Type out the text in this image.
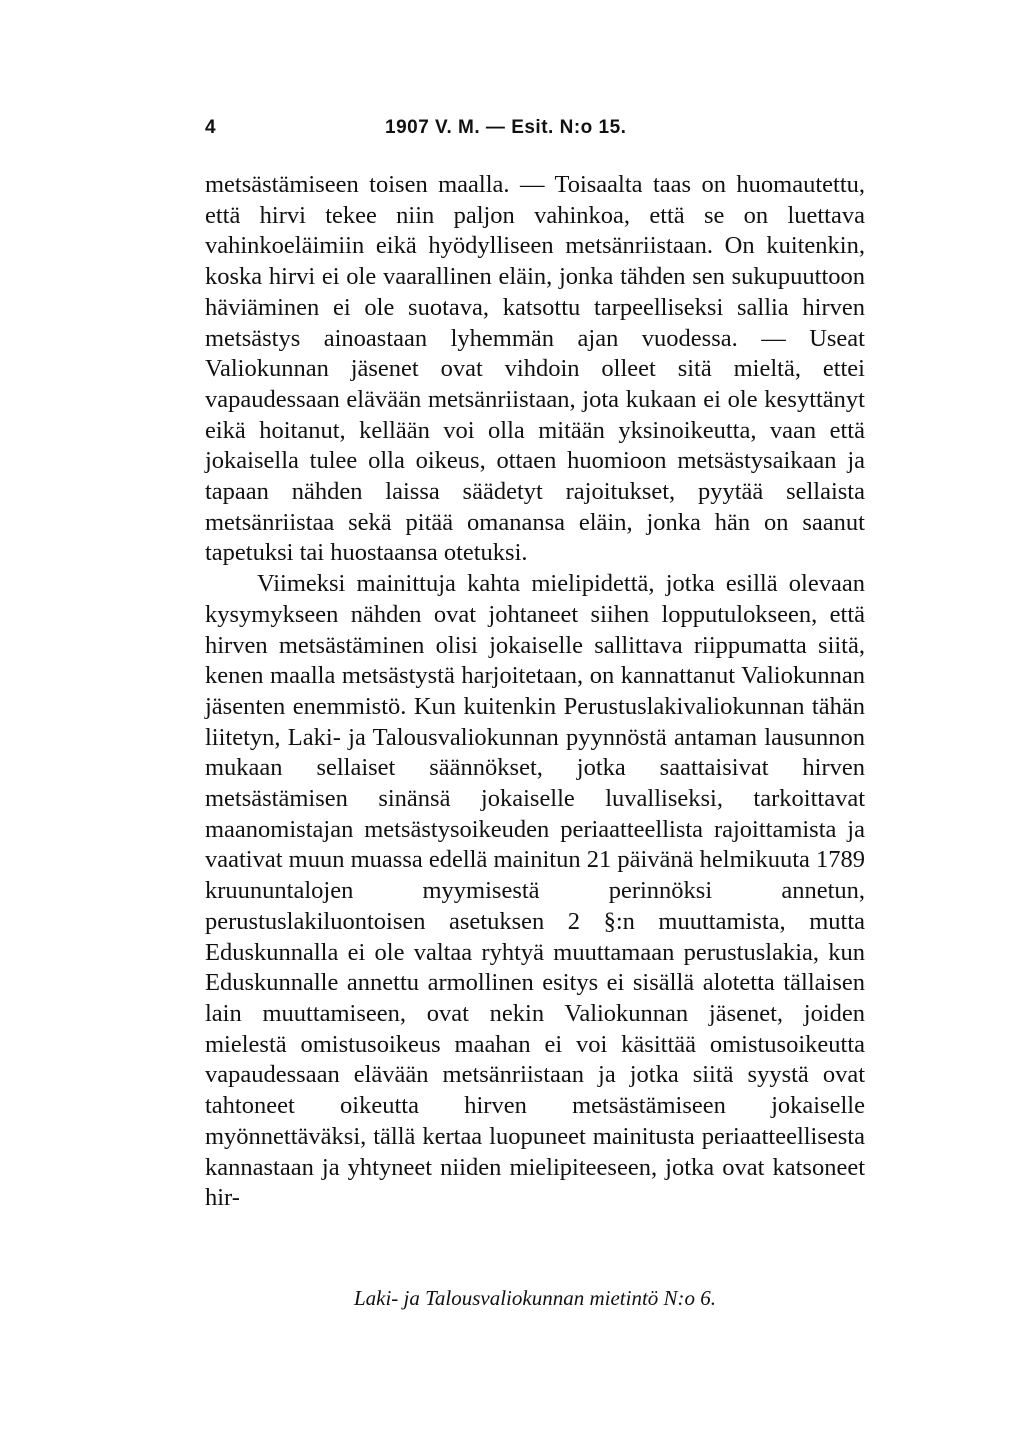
4	1907 V. M. — Esit. N:o 15.

metsästämiseen toisen maalla. — Toisaalta taas on huomautettu, että hirvi tekee niin paljon vahinkoa, että se on luettava vahinkoeläimiin eikä hyödylliseen metsänriistaan. On kuitenkin, koska hirvi ei ole vaarallinen eläin, jonka tähden sen sukupuuttoon häviäminen ei ole suotava, katsottu tarpeelliseksi sallia hirven metsästys ainoastaan lyhemmän ajan vuodessa. — Useat Valiokunnan jäsenet ovat vihdoin olleet sitä mieltä, ettei vapaudessaan elävään metsänriistaan, jota kukaan ei ole kesyttänyt eikä hoitanut, kellään voi olla mitään yksinoikeutta, vaan että jokaisella tulee olla oikeus, ottaen huomioon metsästysaikaan ja tapaan nähden laissa säädetyt rajoitukset, pyytää sellaista metsänriistaa sekä pitää omanansa eläin, jonka hän on saanut tapetuksi tai huostaansa otetuksi.

Viimeksi mainittuja kahta mielipidettä, jotka esillä olevaan kysymykseen nähden ovat johtaneet siihen lopputulokseen, että hirven metsästäminen olisi jokaiselle sallittava riippumatta siitä, kenen maalla metsästystä harjoitetaan, on kannattanut Valiokunnan jäsenten enemmistö. Kun kuitenkin Perustuslakivaliokunnan tähän liitetyn, Laki- ja Talousvaliokunnan pyynnöstä antaman lausunnon mukaan sellaiset säännökset, jotka saattaisivat hirven metsästämisen sinänsä jokaiselle luvalliseksi, tarkoittavat maanomistajan metsästysoikeuden periaatteellista rajoittamista ja vaativat muun muassa edellä mainitun 21 päivänä helmikuuta 1789 kruununtalojen myymisestä perinnöksi annetun, perustuslakiluontoisen asetuksen 2 §:n muuttamista, mutta Eduskunnalla ei ole valtaa ryhtyä muuttamaan perustuslakia, kun Eduskunnalle annettu armollinen esitys ei sisällä alotetta tällaisen lain muuttamiseen, ovat nekin Valiokunnan jäsenet, joiden mielestä omistusoikeus maahan ei voi käsittää omistusoikeutta vapaudessaan elävään metsänriistaan ja jotka siitä syystä ovat tahtoneet oikeutta hirven metsästämiseen jokaiselle myönnettäväksi, tällä kertaa luopuneet mainitusta periaatteellisesta kannastaan ja yhtyneet niiden mielipiteeseen, jotka ovat katsoneet hir-

Laki- ja Talousvaliokunnan mietintö N:o 6.
